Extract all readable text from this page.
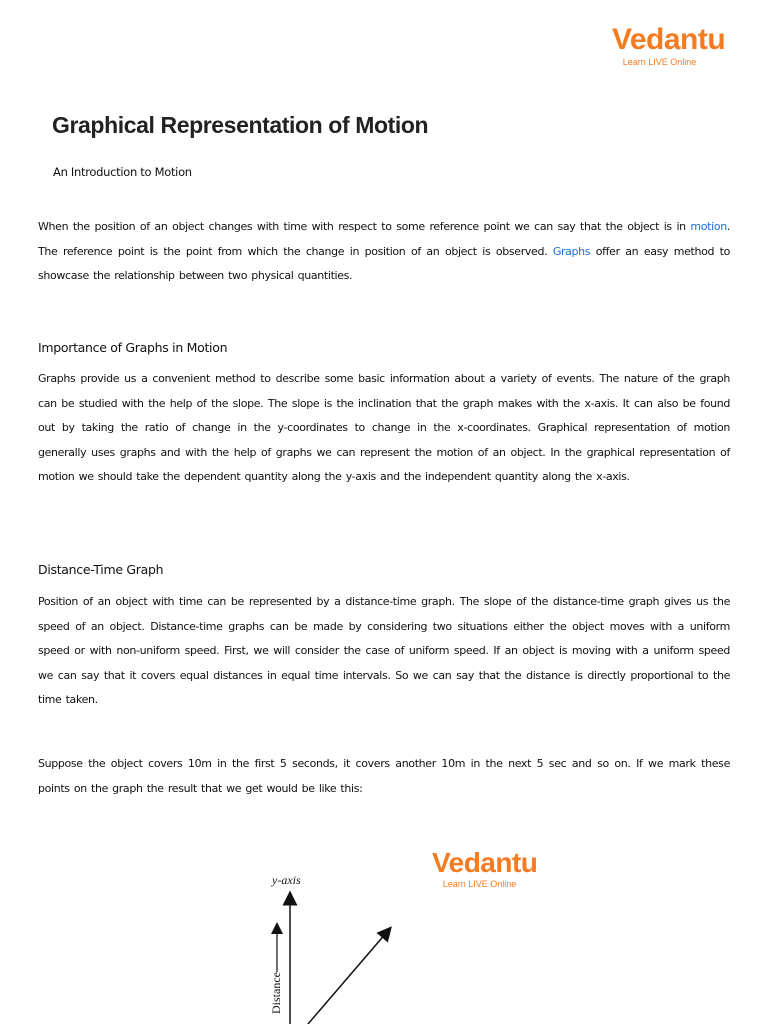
Vedantu
Learn LIVE Online
Graphical Representation of Motion
An Introduction to Motion

When the position of an object changes with time with respect to some reference point we can say that the object is in motion. The reference point is the point from which the change in position of an object is observed. Graphs offer an easy method to showcase the relationship between two physical quantities.

Importance of Graphs in Motion

Graphs provide us a convenient method to describe some basic information about a variety of events. The nature of the graph can be studied with the help of the slope. The slope is the inclination that the graph makes with the x-axis. It can also be found out by taking the ratio of change in the y-coordinates to change in the x-coordinates. Graphical representation of motion generally uses graphs and with the help of graphs we can represent the motion of an object. In the graphical representation of motion we should take the dependent quantity along the y-axis and the independent quantity along the x-axis.

Distance-Time Graph

Position of an object with time can be represented by a distance-time graph. The slope of the distance-time graph gives us the speed of an object. Distance-time graphs can be made by considering two situations either the object moves with a uniform speed or with non-uniform speed. First, we will consider the case of uniform speed. If an object is moving with a uniform speed we can say that it covers equal distances in equal time intervals. So we can say that the distance is directly proportional to the time taken.

Suppose the object covers 10m in the first 5 seconds, it covers another 10m in the next 5 sec and so on. If we mark these points on the graph the result that we get would be like this:

Vedantu
Learn LIVE Online
y-axis
Distance
